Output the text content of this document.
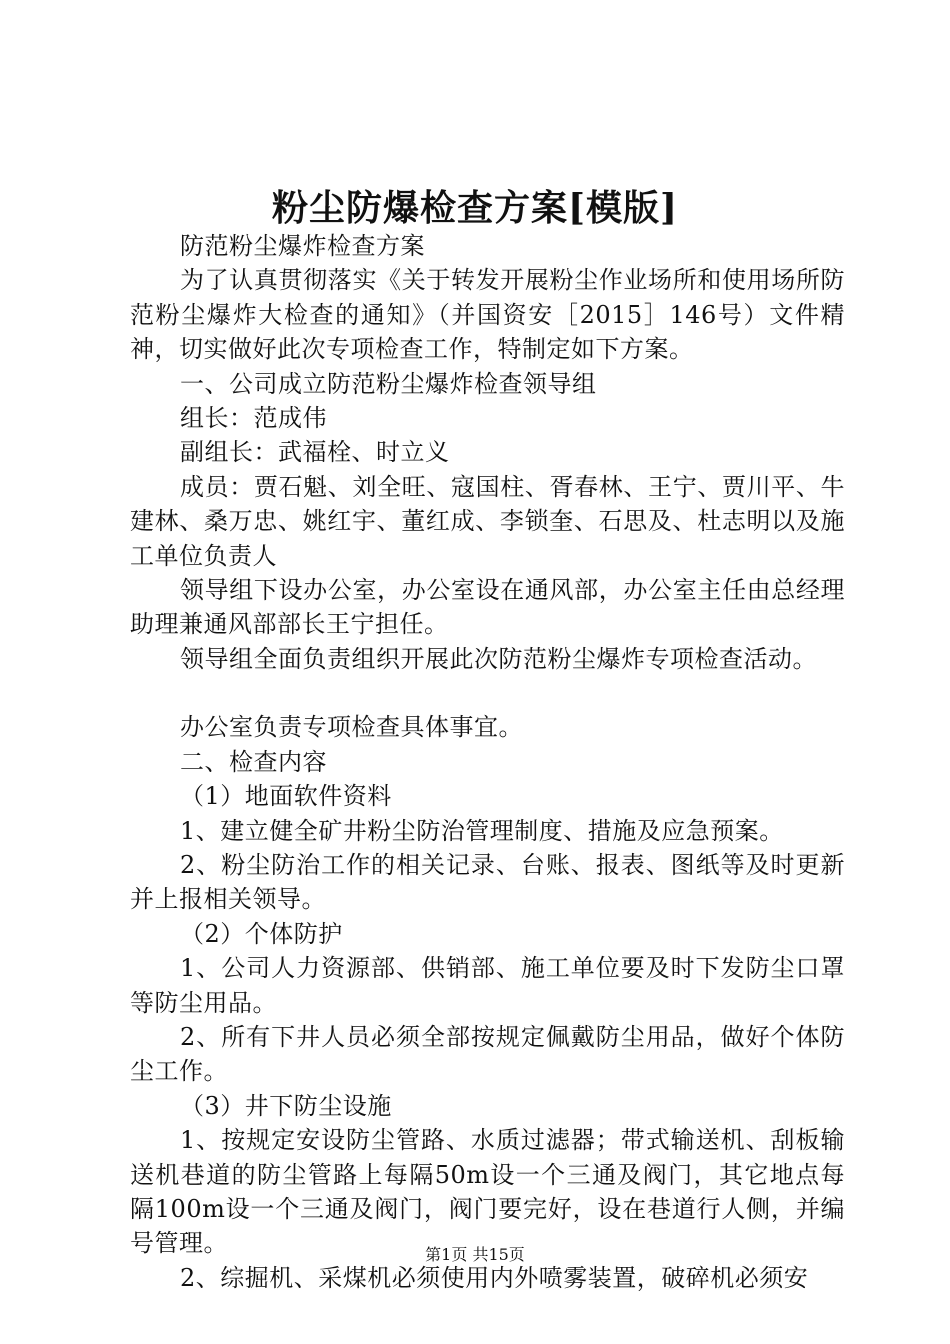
粉尘防爆检查方案[模版]

防范粉尘爆炸检查方案

为了认真贯彻落实《关于转发开展粉尘作业场所和使用场所防范粉尘爆炸大检查的通知》（并国资安［2015］146号）文件精神，切实做好此次专项检查工作，特制定如下方案。

一、公司成立防范粉尘爆炸检查领导组

组长：范成伟

副组长：武福栓、时立义

成员：贾石魁、刘全旺、寇国柱、胥春林、王宁、贾川平、牛建林、桑万忠、姚红宇、董红成、李锁奎、石思及、杜志明以及施工单位负责人

领导组下设办公室，办公室设在通风部，办公室主任由总经理助理兼通风部部长王宁担任。

领导组全面负责组织开展此次防范粉尘爆炸专项检查活动。

办公室负责专项检查具体事宜。

二、检查内容

（1）地面软件资料

1、建立健全矿井粉尘防治管理制度、措施及应急预案。

2、粉尘防治工作的相关记录、台账、报表、图纸等及时更新并上报相关领导。

（2）个体防护

1、公司人力资源部、供销部、施工单位要及时下发防尘口罩等防尘用品。

2、所有下井人员必须全部按规定佩戴防尘用品，做好个体防尘工作。

（3）井下防尘设施

1、按规定安设防尘管路、水质过滤器；带式输送机、刮板输送机巷道的防尘管路上每隔50m设一个三通及阀门，其它地点每隔100m设一个三通及阀门，阀门要完好，设在巷道行人侧，并编号管理。

2、综掘机、采煤机必须使用内外喷雾装置，破碎机必须安

第1页 共15页
